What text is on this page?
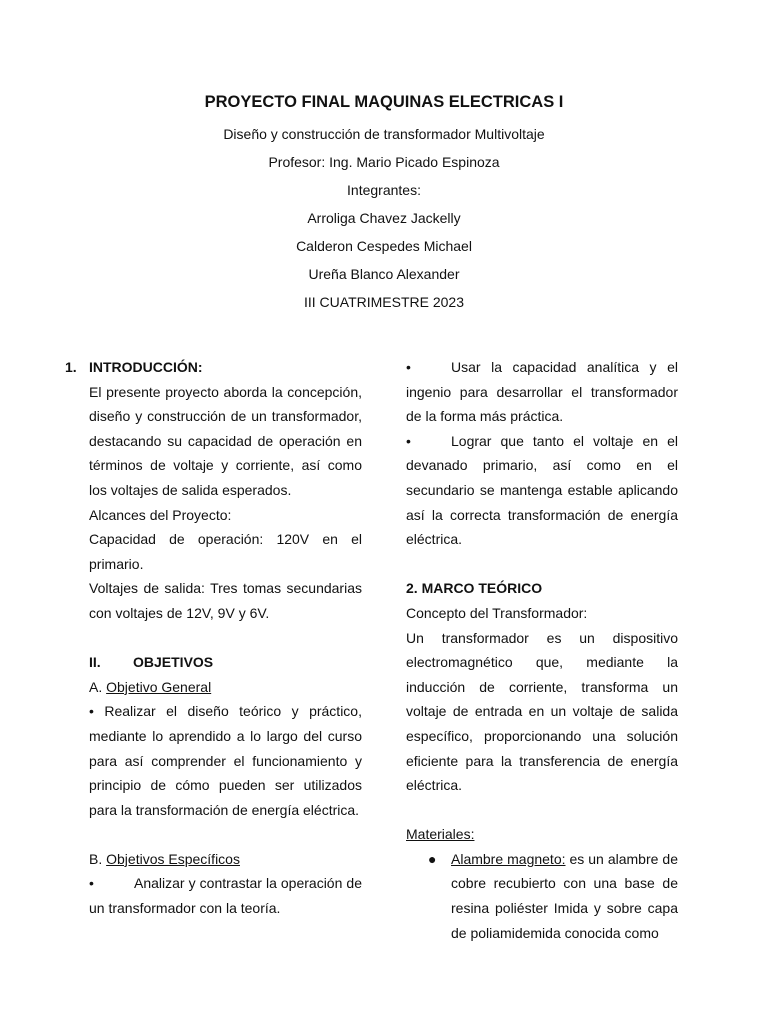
PROYECTO FINAL MAQUINAS ELECTRICAS I

Diseño y construcción de transformador Multivoltaje

Profesor: Ing. Mario Picado Espinoza

Integrantes:

Arroliga Chavez Jackelly

Calderon Cespedes Michael

Ureña Blanco Alexander

III CUATRIMESTRE 2023

1. INTRODUCCIÓN:

El presente proyecto aborda la concepción, diseño y construcción de un transformador, destacando su capacidad de operación en términos de voltaje y corriente, así como los voltajes de salida esperados.

Alcances del Proyecto:

Capacidad de operación: 120V en el primario.

Voltajes de salida: Tres tomas secundarias con voltajes de 12V, 9V y 6V.

II. OBJETIVOS

A. Objetivo General

• Realizar el diseño teórico y práctico, mediante lo aprendido a lo largo del curso para así comprender el funcionamiento y principio de cómo pueden ser utilizados para la transformación de energía eléctrica.

B. Objetivos Específicos

•	Analizar y contrastar la operación de un transformador con la teoría.

•	Usar la capacidad analítica y el ingenio para desarrollar el transformador de la forma más práctica.

•	Lograr que tanto el voltaje en el devanado primario, así como en el secundario se mantenga estable aplicando así la correcta transformación de energía eléctrica.

2. MARCO TEÓRICO

Concepto del Transformador:

Un transformador es un dispositivo electromagnético que, mediante la inducción de corriente, transforma un voltaje de entrada en un voltaje de salida específico, proporcionando una solución eficiente para la transferencia de energía eléctrica.

Materiales:

● Alambre magneto: es un alambre de cobre recubierto con una base de resina poliéster Imida y sobre capa de poliamidemida conocida como
